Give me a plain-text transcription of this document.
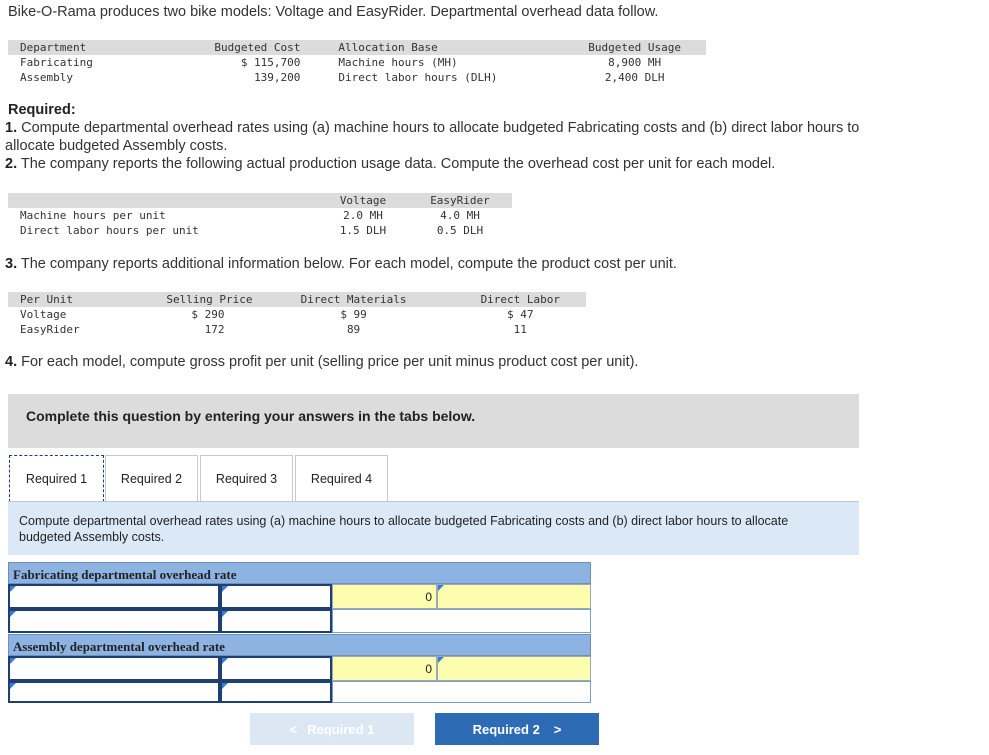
Bike-O-Rama produces two bike models: Voltage and EasyRider. Departmental overhead data follow.
Department	Budgeted Cost	Allocation Base	Budgeted Usage
Fabricating	$ 115,700	Machine hours (MH)	8,900 MH
Assembly	139,200	Direct labor hours (DLH)	2,400 DLH
Required:
1. Compute departmental overhead rates using (a) machine hours to allocate budgeted Fabricating costs and (b) direct labor hours to
allocate budgeted Assembly costs.
2. The company reports the following actual production usage data. Compute the overhead cost per unit for each model.
	Voltage	EasyRider
Machine hours per unit	2.0 MH	4.0 MH
Direct labor hours per unit	1.5 DLH	0.5 DLH
3. The company reports additional information below. For each model, compute the product cost per unit.
Per Unit	Selling Price	Direct Materials	Direct Labor
Voltage	$ 290	$ 99	$ 47
EasyRider	172	89	11
4. For each model, compute gross profit per unit (selling price per unit minus product cost per unit).
Complete this question by entering your answers in the tabs below.
Required 1	Required 2	Required 3	Required 4
Compute departmental overhead rates using (a) machine hours to allocate budgeted Fabricating costs and (b) direct labor hours to allocate budgeted Assembly costs.
Fabricating departmental overhead rate
0
Assembly departmental overhead rate
0
< Required 1	Required 2 >
